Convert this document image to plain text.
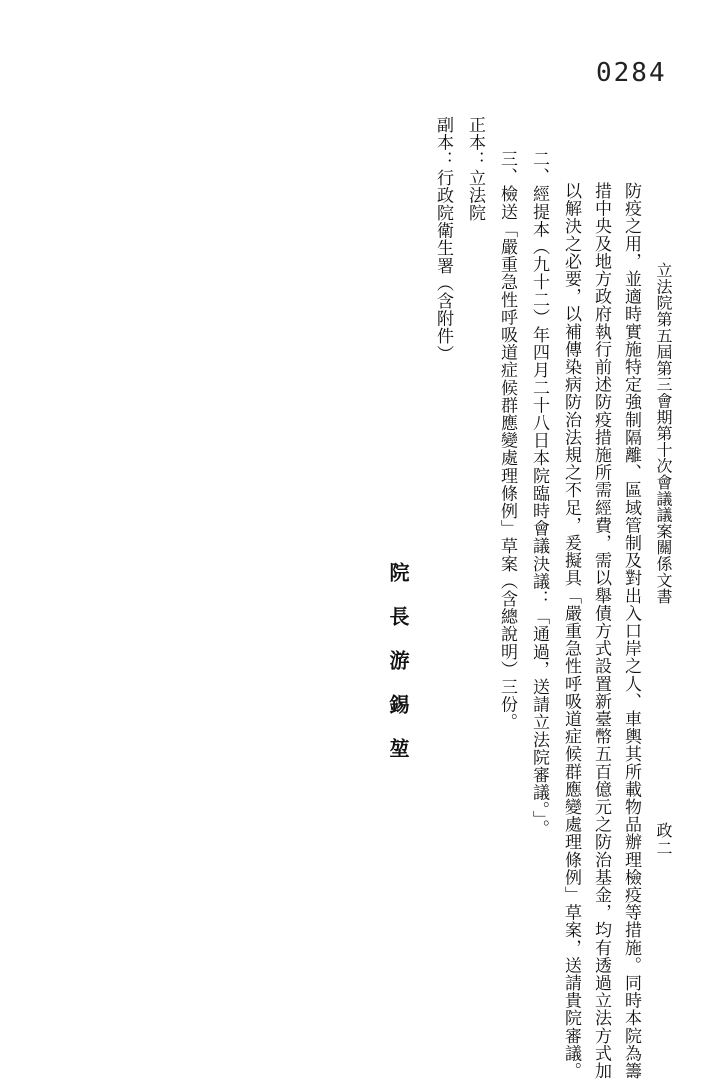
0284
立法院第五屆第三會期第十次會議議案關係文書
政二
防疫之用，並適時實施特定強制隔離、區域管制及對出入口岸之人、車輿其所載物品辦理檢疫等措施。同時本院為籌
措中央及地方政府執行前述防疫措施所需經費，需以舉債方式設置新臺幣五百億元之防治基金，均有透過立法方式加
以解決之必要，以補傳染病防治法規之不足，爰擬具「嚴重急性呼吸道症候群應變處理條例」草案，送請貴院審議。
二、經提本（九十二）年四月二十八日本院臨時會議決議：「通過，送請立法院審議。」。
三、檢送「嚴重急性呼吸道症候群應變處理條例」草案（含總說明）三份。
正本：立法院
副本：行政院衛生署（含附件）
院長游錫堃
